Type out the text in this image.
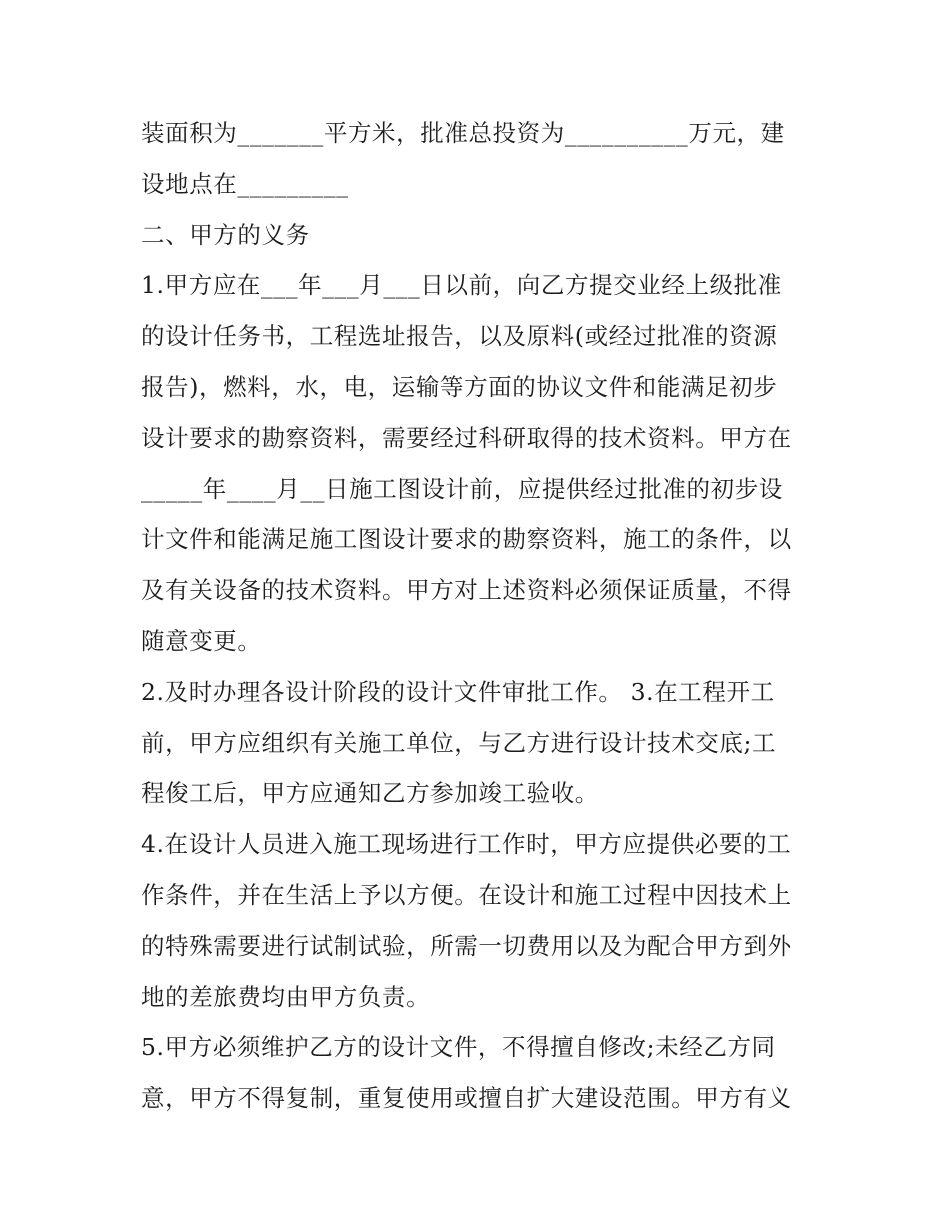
装面积为_______平方米，批准总投资为__________万元，建
设地点在_________
二、甲方的义务
1.甲方应在___年___月___日以前，向乙方提交业经上级批准
的设计任务书，工程选址报告，以及原料(或经过批准的资源
报告)，燃料，水，电，运输等方面的协议文件和能满足初步
设计要求的勘察资料，需要经过科研取得的技术资料。甲方在
_____年____月__日施工图设计前，应提供经过批准的初步设
计文件和能满足施工图设计要求的勘察资料，施工的条件，以
及有关设备的技术资料。甲方对上述资料必须保证质量，不得
随意变更。
2.及时办理各设计阶段的设计文件审批工作。 3.在工程开工
前，甲方应组织有关施工单位，与乙方进行设计技术交底;工
程俊工后，甲方应通知乙方参加竣工验收。
4.在设计人员进入施工现场进行工作时，甲方应提供必要的工
作条件，并在生活上予以方便。在设计和施工过程中因技术上
的特殊需要进行试制试验，所需一切费用以及为配合甲方到外
地的差旅费均由甲方负责。
5.甲方必须维护乙方的设计文件，不得擅自修改;未经乙方同
意，甲方不得复制，重复使用或擅自扩大建设范围。甲方有义
